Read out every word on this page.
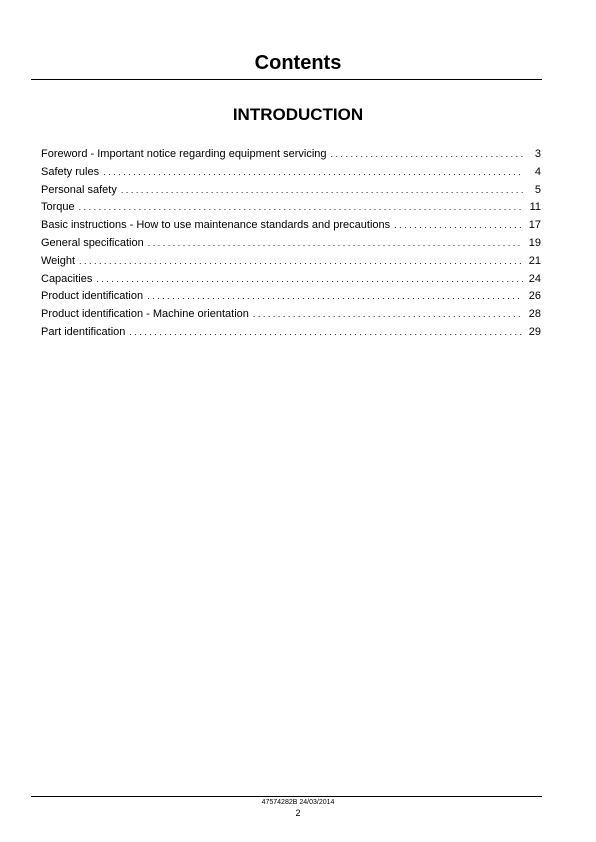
Contents
INTRODUCTION
Foreword - Important notice regarding equipment servicing . . .	3
Safety rules . . .	4
Personal safety . . .	5
Torque . . .	11
Basic instructions - How to use maintenance standards and precautions . . .	17
General specification . . .	19
Weight . . .	21
Capacities . . .	24
Product identification . . .	26
Product identification - Machine orientation . . .	28
Part identification . . .	29
47574282B 24/03/2014
2
